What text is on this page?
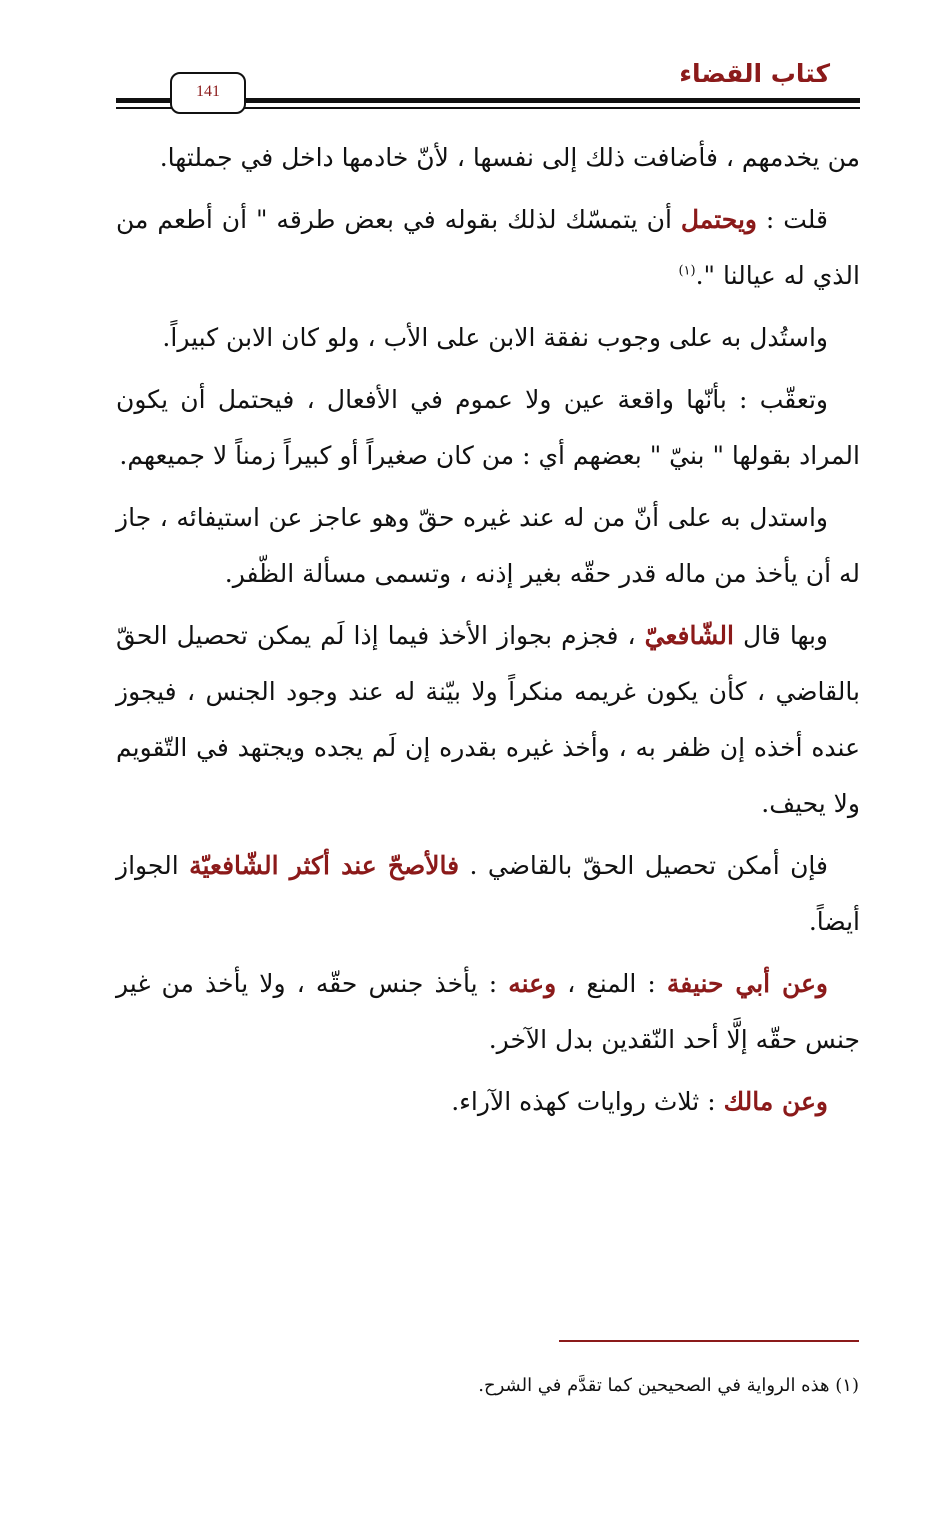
كتاب القضاء
141

من يخدمهم ، فأضافت ذلك إلى نفسها ، لأنّ خادمها داخل في جملتها.

قلت : ويحتمل أن يتمسّك لذلك بقوله في بعض طرقه " أن أطعم من الذي له عيالنا ".$^{(١)}$

واستُدل به على وجوب نفقة الابن على الأب ، ولو كان الابن كبيراً.

وتعقّب : بأنّها واقعة عين ولا عموم في الأفعال ، فيحتمل أن يكون المراد بقولها " بنيّ " بعضهم أي : من كان صغيراً أو كبيراً زمناً لا جميعهم.

واستدل به على أنّ من له عند غيره حقّ وهو عاجز عن استيفائه ، جاز له أن يأخذ من ماله قدر حقّه بغير إذنه ، وتسمى مسألة الظّفر.

وبها قال الشّافعيّ ، فجزم بجواز الأخذ فيما إذا لَم يمكن تحصيل الحقّ بالقاضي ، كأن يكون غريمه منكراً ولا بيّنة له عند وجود الجنس ، فيجوز عنده أخذه إن ظفر به ، وأخذ غيره بقدره إن لَم يجده ويجتهد في التّقويم ولا يحيف.

فإن أمكن تحصيل الحقّ بالقاضي . فالأصحّ عند أكثر الشّافعيّة الجواز أيضاً.

وعن أبي حنيفة : المنع ، وعنه : يأخذ جنس حقّه ، ولا يأخذ من غير جنس حقّه إلَّا أحد النّقدين بدل الآخر.

وعن مالك : ثلاث روايات كهذه الآراء.

(١) هذه الرواية في الصحيحين كما تقدَّم في الشرح.
